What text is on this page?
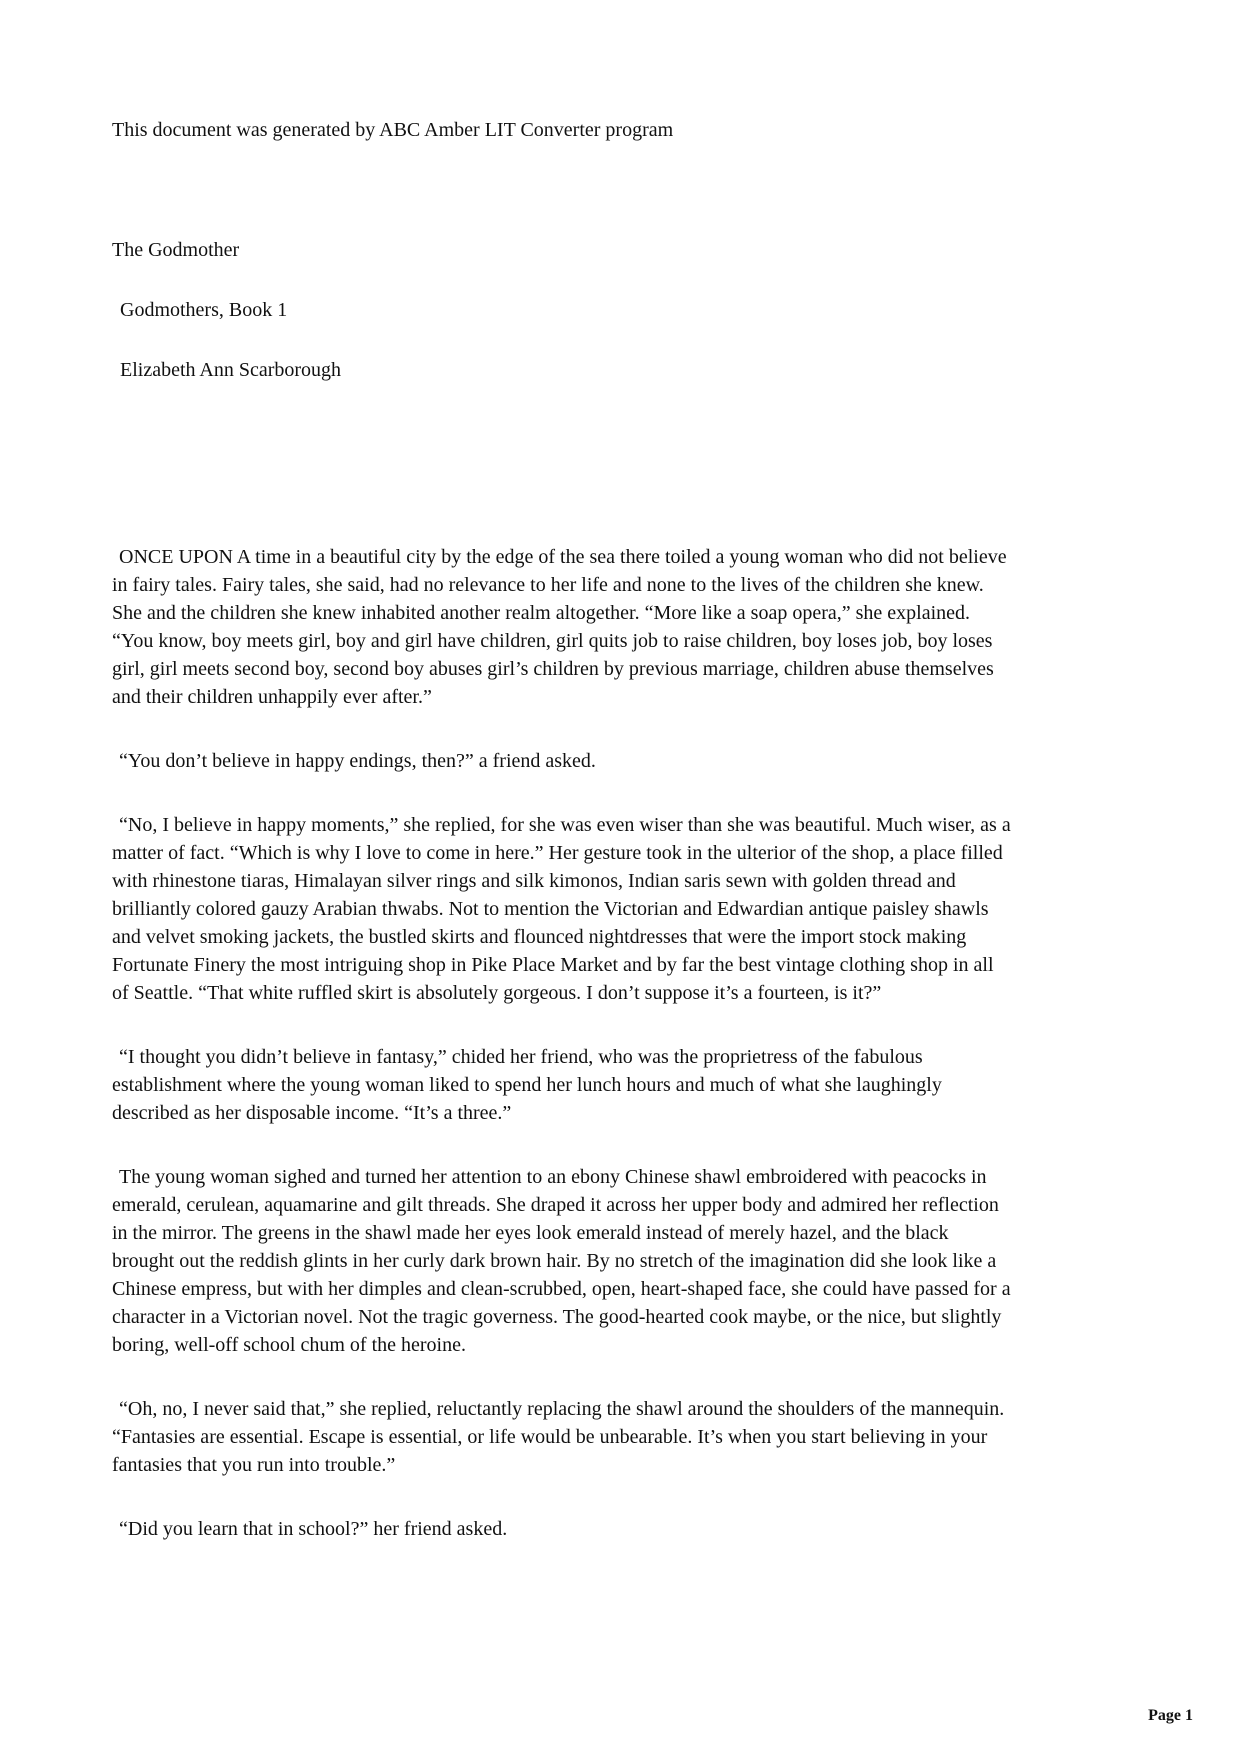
This document was generated by ABC Amber LIT Converter program
The Godmother
Godmothers, Book 1
Elizabeth Ann Scarborough

ONCE UPON A time in a beautiful city by the edge of the sea there toiled a young woman who did not believe in fairy tales. Fairy tales, she said, had no relevance to her life and none to the lives of the children she knew. She and the children she knew inhabited another realm altogether. “More like a soap opera,” she explained. “You know, boy meets girl, boy and girl have children, girl quits job to raise children, boy loses job, boy loses girl, girl meets second boy, second boy abuses girl’s children by previous marriage, children abuse themselves and their children unhappily ever after.”

“You don’t believe in happy endings, then?” a friend asked.

“No, I believe in happy moments,” she replied, for she was even wiser than she was beautiful. Much wiser, as a matter of fact. “Which is why I love to come in here.” Her gesture took in the ulterior of the shop, a place filled with rhinestone tiaras, Himalayan silver rings and silk kimonos, Indian saris sewn with golden thread and brilliantly colored gauzy Arabian thwabs. Not to mention the Victorian and Edwardian antique paisley shawls and velvet smoking jackets, the bustled skirts and flounced nightdresses that were the import stock making Fortunate Finery the most intriguing shop in Pike Place Market and by far the best vintage clothing shop in all of Seattle. “That white ruffled skirt is absolutely gorgeous. I don’t suppose it’s a fourteen, is it?”

“I thought you didn’t believe in fantasy,” chided her friend, who was the proprietress of the fabulous establishment where the young woman liked to spend her lunch hours and much of what she laughingly described as her disposable income. “It’s a three.”

The young woman sighed and turned her attention to an ebony Chinese shawl embroidered with peacocks in emerald, cerulean, aquamarine and gilt threads. She draped it across her upper body and admired her reflection in the mirror. The greens in the shawl made her eyes look emerald instead of merely hazel, and the black brought out the reddish glints in her curly dark brown hair. By no stretch of the imagination did she look like a Chinese empress, but with her dimples and clean-scrubbed, open, heart-shaped face, she could have passed for a character in a Victorian novel. Not the tragic governess. The good-hearted cook maybe, or the nice, but slightly boring, well-off school chum of the heroine.

“Oh, no, I never said that,” she replied, reluctantly replacing the shawl around the shoulders of the mannequin. “Fantasies are essential. Escape is essential, or life would be unbearable. It’s when you start believing in your fantasies that you run into trouble.”

“Did you learn that in school?” her friend asked.

Page 1
